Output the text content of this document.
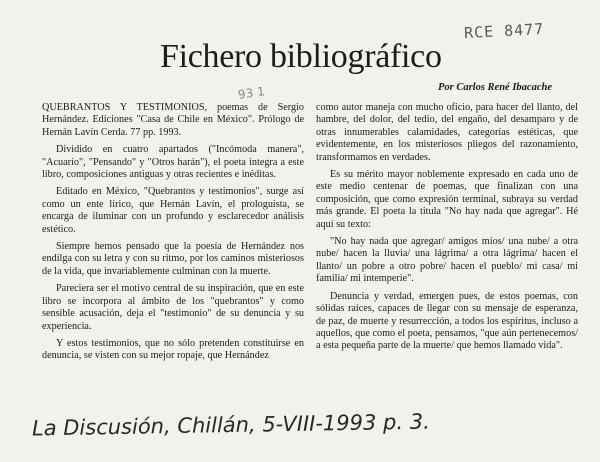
RCE 8477
93 1
Fichero bibliográfico
Por Carlos René Ibacache

QUEBRANTOS Y TESTIMONIOS, poemas de Sergio Hernández. Ediciones "Casa de Chile en México". Prólogo de Hernán Lavín Cerda. 77 pp. 1993.

Dividido en cuatro apartados ("Incómoda manera", "Acuario", "Pensando" y "Otros harán"), el poeta integra a este libro, composiciones antiguas y otras recientes e inéditas.

Editado en México, "Quebrantos y testimonios", surge así como un ente lírico, que Hernán Lavín, el prologuista, se encarga de iluminar con un profundo y esclarecedor análisis estético.

Siempre hemos pensado que la poesía de Hernández nos endilga con su letra y con su ritmo, por los caminos misteriosos de la vida, que invariablemente culminan con la muerte.

Pareciera ser el motivo central de su inspiración, que en este libro se incorpora al ámbito de los "quebrantos" y como sensible acusación, deja el "testimonio" de su denuncia y su experiencia.

Y estos testimonios, que no sólo pretenden constituirse en denuncia, se visten con su mejor ropaje, que Hernández

como autor maneja con mucho oficio, para hacer del llanto, del hambre, del dolor, del tedio, del engaño, del desamparo y de otras innumerables calamidades, categorías estéticas, que evidentemente, en los misteriosos pliegos del razonamiento, transformamos en verdades.

Es su mérito mayor noblemente expresado en cada uno de este medio centenar de poemas, que finalizan con una composición, que como expresión terminal, subraya su verdad más grande. El poeta la titula "No hay nada que agregar". Hé aquí su texto:

"No hay nada que agregar/ amigos míos/ una nube/ a otra nube/ hacen la lluvia/ una lágrima/ a otra lágrima/ hacen el llanto/ un pobre a otro pobre/ hacen el pueblo/ mi casa/ mi familia/ mi intemperie".

Denuncia y verdad, emergen pues, de estos poemas, con sólidas raíces, capaces de llegar con su mensaje de esperanza, de paz, de muerte y resurrección, a todos los espíritus, incluso a aquellos, que como el poeta, pensamos, "que aún pertenecemos/ a esta pequeña parte de la muerte/ que hemos llamado vida".

La Discusión, Chillán, 5-VIII-1993 p. 3.
